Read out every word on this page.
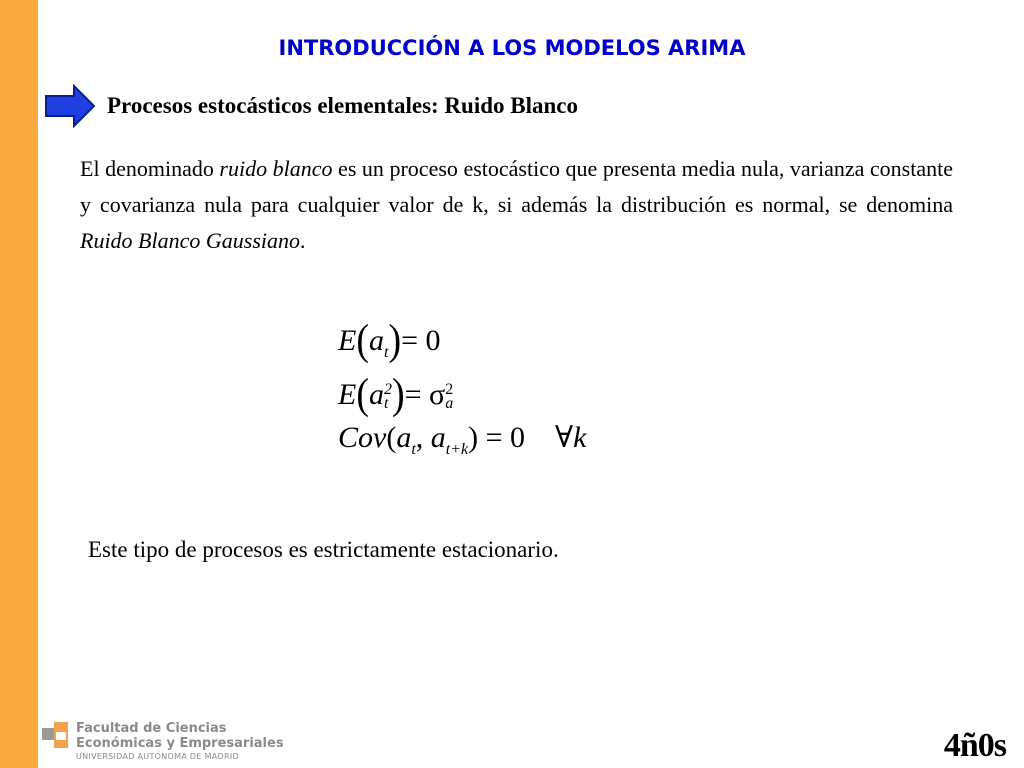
INTRODUCCIÓN A LOS MODELOS ARIMA
Procesos estocásticos elementales: Ruido Blanco
El denominado ruido blanco es un proceso estocástico que presenta media nula, varianza constante y covarianza nula para cualquier valor de k, si además la distribución es normal, se denomina Ruido Blanco Gaussiano.
$E(a_t)= 0$
E(a 2
t )= σ 2
a
$Cov(a_t$, $a_{t+k}) = 0$ ∀k
Este tipo de procesos es estrictamente estacionario.
Facultad de Ciencias
Económicas y Empresariales
UNIVERSIDAD AUTÓNOMA DE MADRID	4ñ0s
